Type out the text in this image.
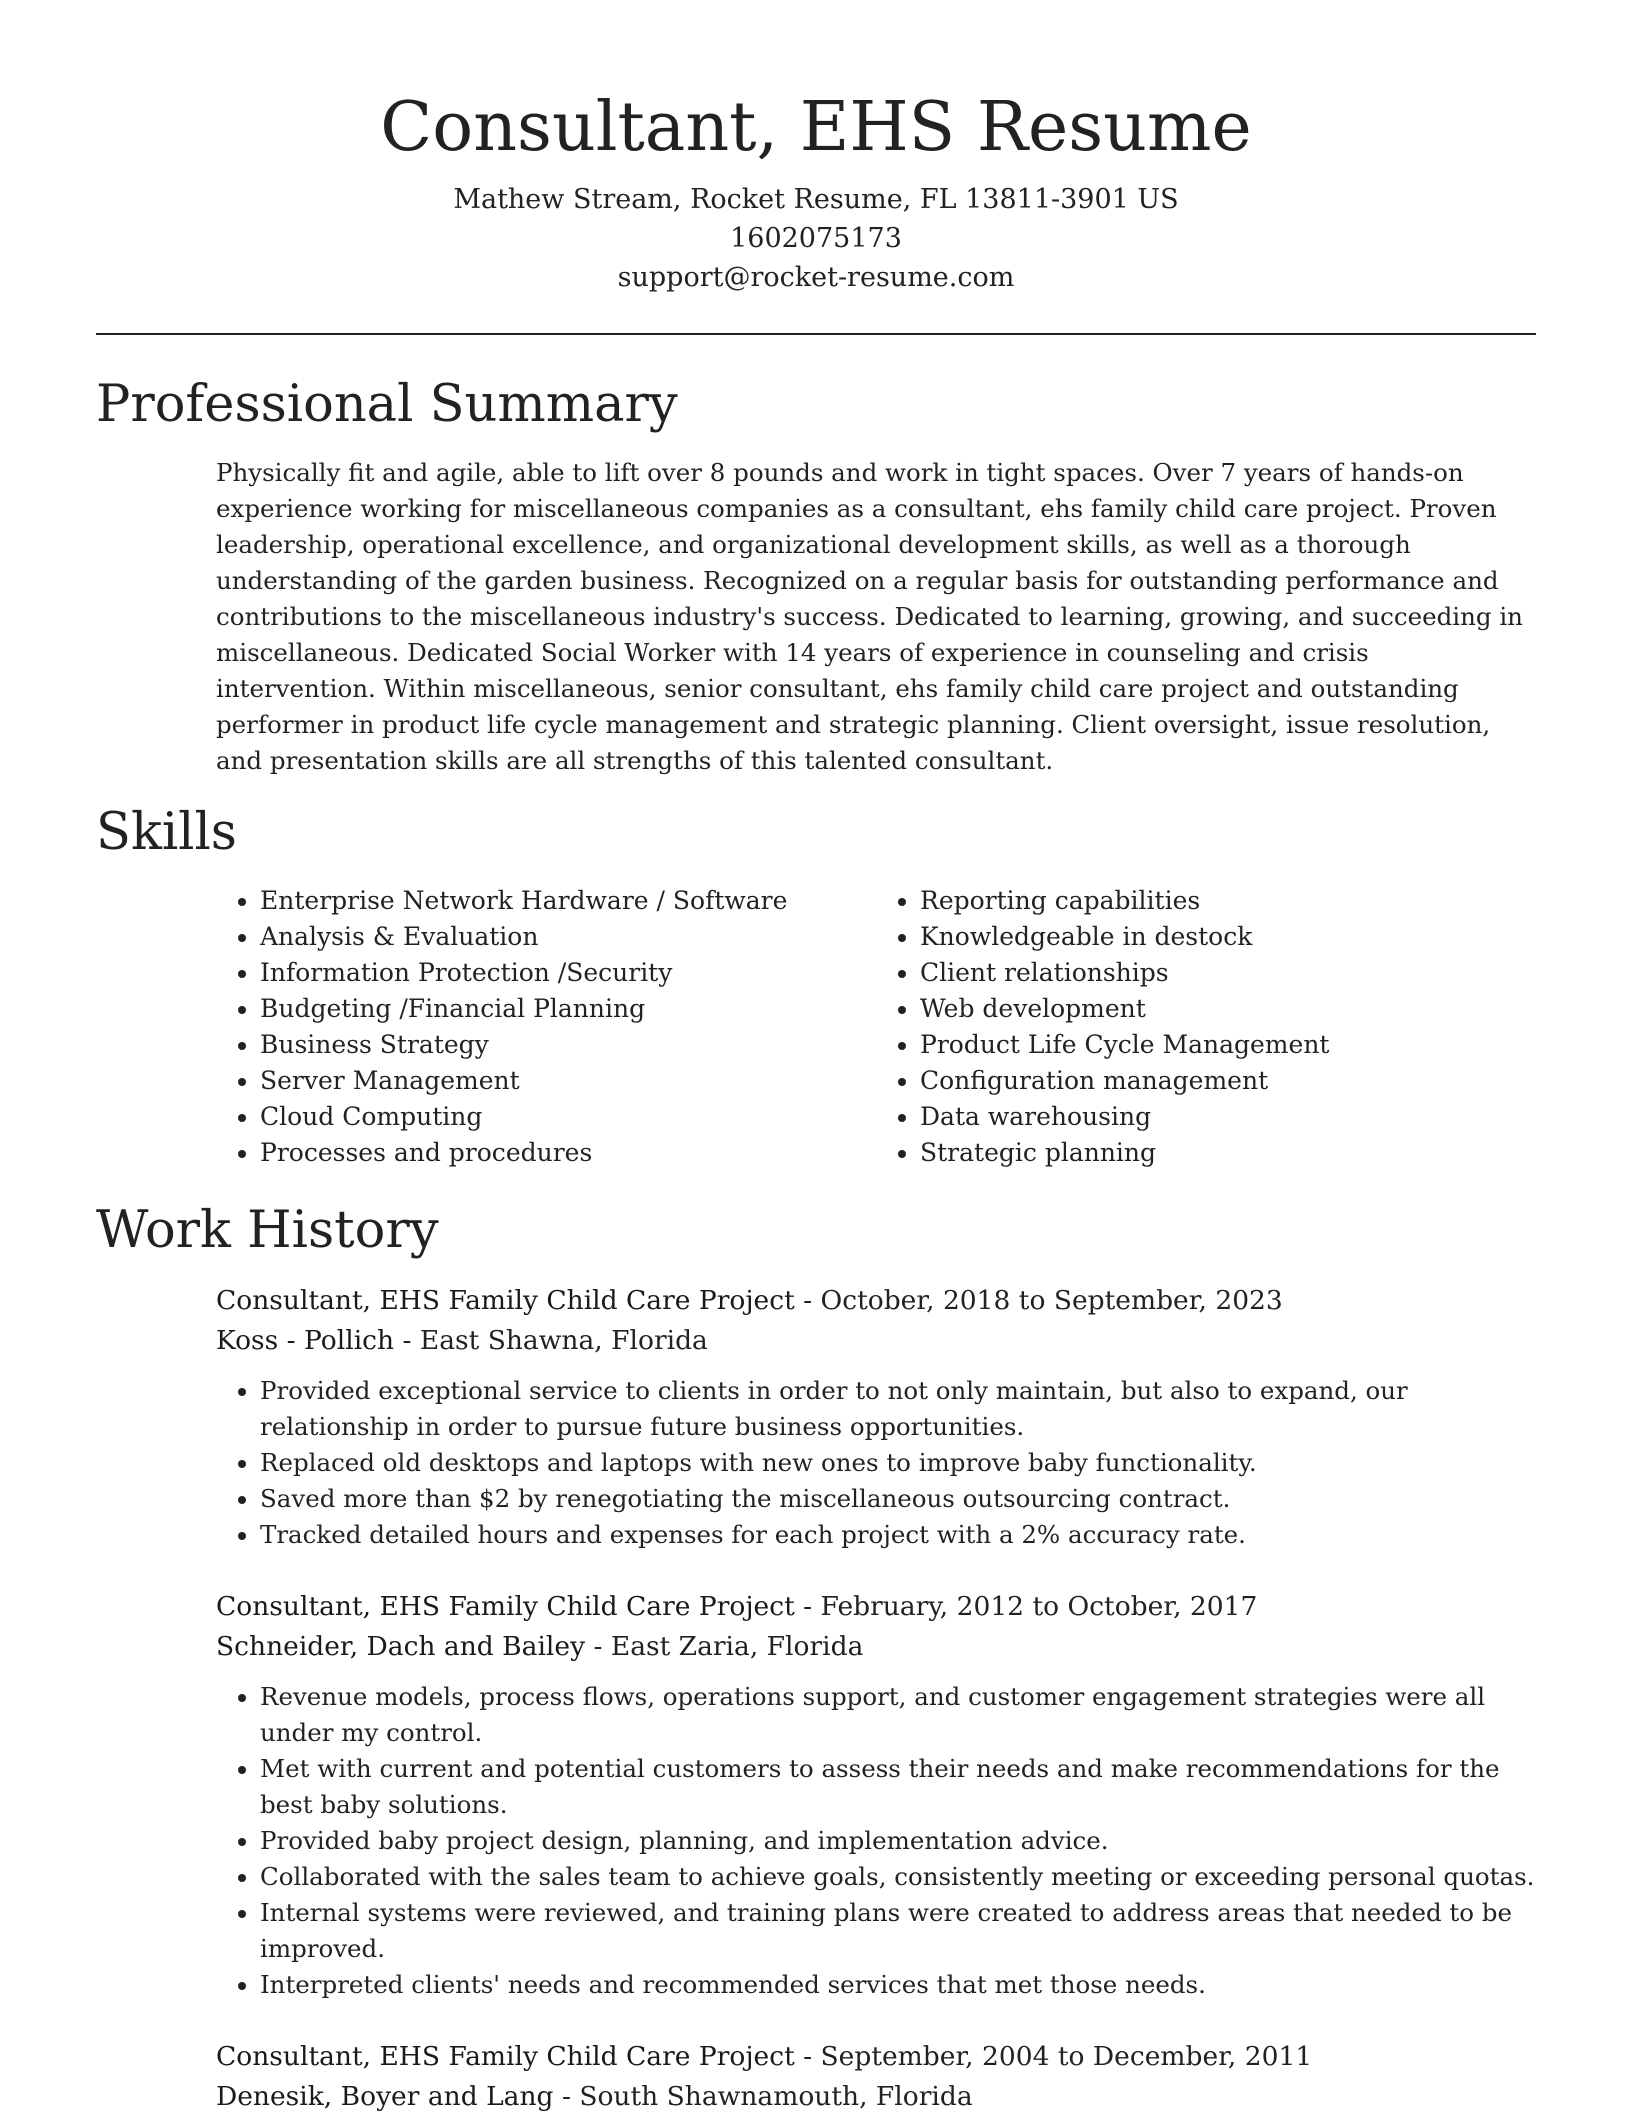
Consultant, EHS Resume
Mathew Stream, Rocket Resume, FL 13811-3901 US
1602075173
support@rocket-resume.com
Professional Summary

Physically fit and agile, able to lift over 8 pounds and work in tight spaces. Over 7 years of hands-on experience working for miscellaneous companies as a consultant, ehs family child care project. Proven leadership, operational excellence, and organizational development skills, as well as a thorough understanding of the garden business. Recognized on a regular basis for outstanding performance and contributions to the miscellaneous industry's success. Dedicated to learning, growing, and succeeding in miscellaneous. Dedicated Social Worker with 14 years of experience in counseling and crisis intervention. Within miscellaneous, senior consultant, ehs family child care project and outstanding performer in product life cycle management and strategic planning. Client oversight, issue resolution, and presentation skills are all strengths of this talented consultant.

Skills
• Enterprise Network Hardware / Software
• Analysis & Evaluation
• Information Protection /Security
• Budgeting /Financial Planning
• Business Strategy
• Server Management
• Cloud Computing
• Processes and procedures
• Reporting capabilities
• Knowledgeable in destock
• Client relationships
• Web development
• Product Life Cycle Management
• Configuration management
• Data warehousing
• Strategic planning
Work History
Consultant, EHS Family Child Care Project - October, 2018 to September, 2023
Koss - Pollich - East Shawna, Florida
• Provided exceptional service to clients in order to not only maintain, but also to expand, our relationship in order to pursue future business opportunities.
• Replaced old desktops and laptops with new ones to improve baby functionality.
• Saved more than $2 by renegotiating the miscellaneous outsourcing contract.
• Tracked detailed hours and expenses for each project with a 2% accuracy rate.
Consultant, EHS Family Child Care Project - February, 2012 to October, 2017
Schneider, Dach and Bailey - East Zaria, Florida
• Revenue models, process flows, operations support, and customer engagement strategies were all under my control.
• Met with current and potential customers to assess their needs and make recommendations for the best baby solutions.
• Provided baby project design, planning, and implementation advice.
• Collaborated with the sales team to achieve goals, consistently meeting or exceeding personal quotas.
• Internal systems were reviewed, and training plans were created to address areas that needed to be improved.
• Interpreted clients' needs and recommended services that met those needs.
Consultant, EHS Family Child Care Project - September, 2004 to December, 2011
Denesik, Boyer and Lang - South Shawnamouth, Florida
